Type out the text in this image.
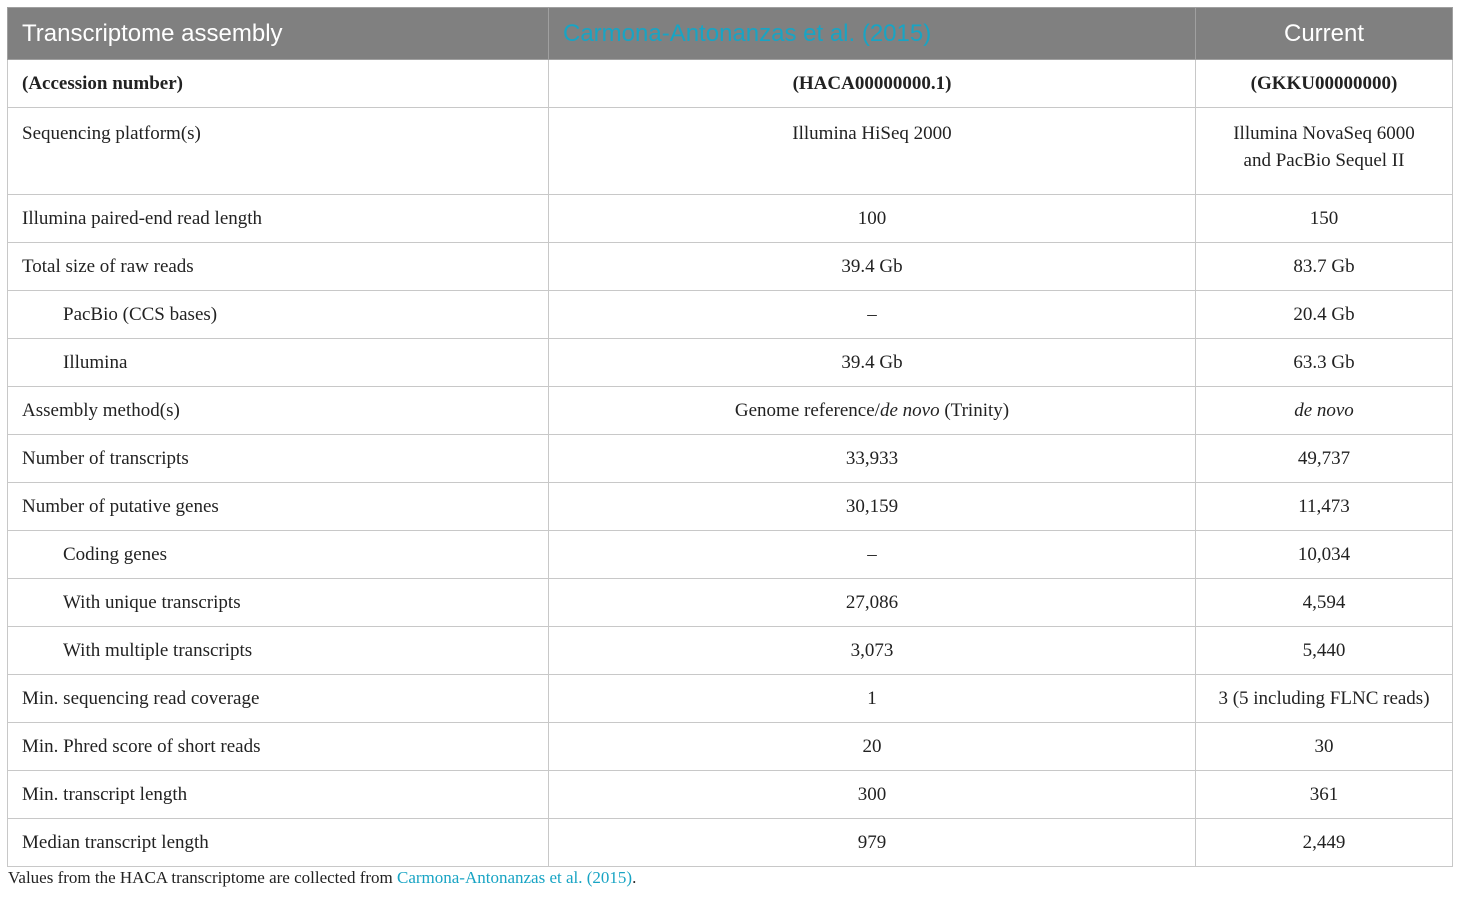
Transcriptome assembly	Carmona-Antonanzas et al. (2015)	Current
(Accession number)	(HACA00000000.1)	(GKKU00000000)
Sequencing platform(s)	Illumina HiSeq 2000	Illumina NovaSeq 6000
and PacBio Sequel II

Illumina paired-end read length	100	150
Total size of raw reads	39.4 Gb	83.7 Gb
PacBio (CCS bases)	–	20.4 Gb
Illumina	39.4 Gb	63.3 Gb
Assembly method(s)	Genome reference/de novo (Trinity)	de novo
Number of transcripts	33,933	49,737
Number of putative genes	30,159	11,473
Coding genes	–	10,034
With unique transcripts	27,086	4,594
With multiple transcripts	3,073	5,440
Min. sequencing read coverage	1	3 (5 including FLNC reads)
Min. Phred score of short reads	20	30
Min. transcript length	300	361
Median transcript length	979	2,449
Values from the HACA transcriptome are collected from Carmona-Antonanzas et al. (2015).
